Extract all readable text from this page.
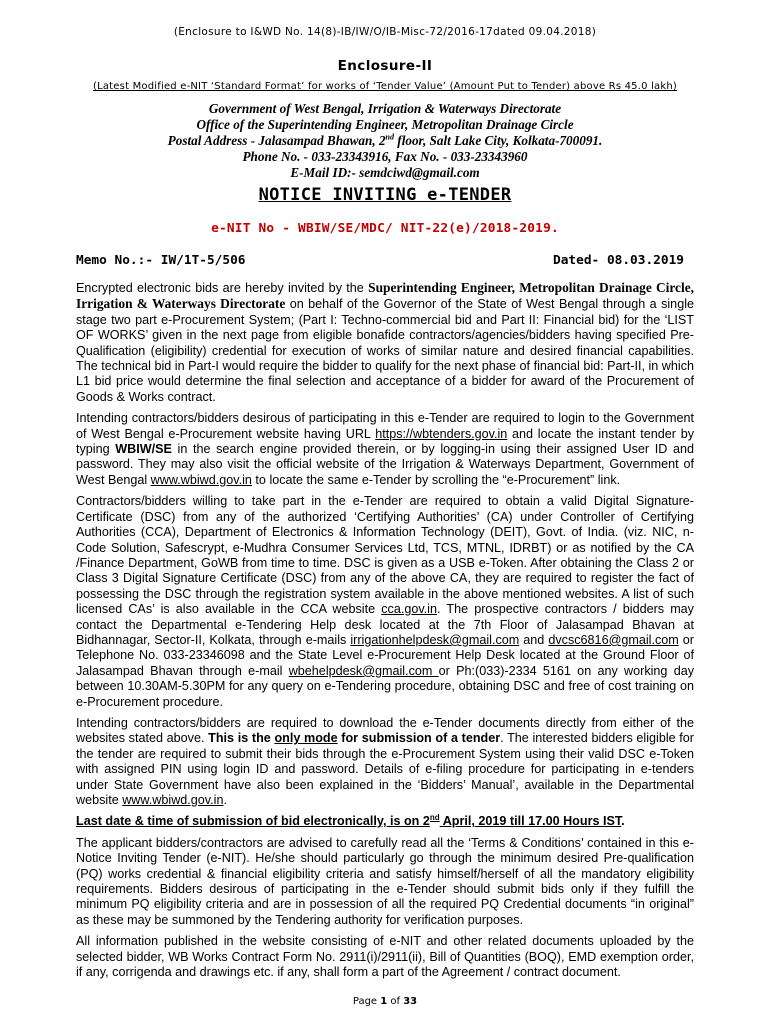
(Enclosure to I&WD No. 14(8)-IB/IW/O/IB-Misc-72/2016-17dated 09.04.2018)
Enclosure-II
(Latest Modified e-NIT ‘Standard Format’ for works of ‘Tender Value’ (Amount Put to Tender) above Rs 45.0 lakh)
Government of West Bengal, Irrigation & Waterways Directorate
Office of the Superintending Engineer, Metropolitan Drainage Circle
Postal Address - Jalasampad Bhawan, 2nd floor, Salt Lake City, Kolkata-700091.
Phone No. - 033-23343916, Fax No. - 033-23343960
E-Mail ID:- semdciwd@gmail.com
NOTICE INVITING e-TENDER
e-NIT No - WBIW/SE/MDC/ NIT-22(e)/2018-2019.
Memo No.:- IW/1T-5/506	Dated- 08.03.2019

Encrypted electronic bids are hereby invited by the Superintending Engineer, Metropolitan Drainage Circle, Irrigation & Waterways Directorate on behalf of the Governor of the State of West Bengal through a single stage two part e-Procurement System; (Part I: Techno-commercial bid and Part II: Financial bid) for the ‘LIST OF WORKS’ given in the next page from eligible bonafide contractors/agencies/bidders having specified Pre-Qualification (eligibility) credential for execution of works of similar nature and desired financial capabilities. The technical bid in Part-I would require the bidder to qualify for the next phase of financial bid: Part-II, in which L1 bid price would determine the final selection and acceptance of a bidder for award of the Procurement of Goods & Works contract.

Intending contractors/bidders desirous of participating in this e-Tender are required to login to the Government of West Bengal e-Procurement website having URL https://wbtenders.gov.in and locate the instant tender by typing WBIW/SE in the search engine provided therein, or by logging-in using their assigned User ID and password. They may also visit the official website of the Irrigation & Waterways Department, Government of West Bengal www.wbiwd.gov.in to locate the same e-Tender by scrolling the “e-Procurement” link.

Contractors/bidders willing to take part in the e-Tender are required to obtain a valid Digital Signature-Certificate (DSC) from any of the authorized ‘Certifying Authorities’ (CA) under Controller of Certifying Authorities (CCA), Department of Electronics & Information Technology (DEIT), Govt. of India. (viz. NIC, n-Code Solution, Safescrypt, e-Mudhra Consumer Services Ltd, TCS, MTNL, IDRBT) or as notified by the CA /Finance Department, GoWB from time to time. DSC is given as a USB e-Token. After obtaining the Class 2 or Class 3 Digital Signature Certificate (DSC) from any of the above CA, they are required to register the fact of possessing the DSC through the registration system available in the above mentioned websites. A list of such licensed CAs’ is also available in the CCA website cca.gov.in. The prospective contractors / bidders may contact the Departmental e-Tendering Help desk located at the 7th Floor of Jalasampad Bhavan at Bidhannagar, Sector-II, Kolkata, through e-mails irrigationhelpdesk@gmail.com and dvcsc6816@gmail.com or Telephone No. 033-23346098 and the State Level e-Procurement Help Desk located at the Ground Floor of Jalasampad Bhavan through e-mail wbehelpdesk@gmail.com or Ph:(033)-2334 5161 on any working day between 10.30AM-5.30PM for any query on e-Tendering procedure, obtaining DSC and free of cost training on e-Procurement procedure.

Intending contractors/bidders are required to download the e-Tender documents directly from either of the websites stated above. This is the only mode for submission of a tender. The interested bidders eligible for the tender are required to submit their bids through the e-Procurement System using their valid DSC e-Token with assigned PIN using login ID and password. Details of e-filing procedure for participating in e-tenders under State Government have also been explained in the ‘Bidders’ Manual’, available in the Departmental website www.wbiwd.gov.in.

Last date & time of submission of bid electronically, is on 2nd April, 2019 till 17.00 Hours IST.

The applicant bidders/contractors are advised to carefully read all the ‘Terms & Conditions’ contained in this e-Notice Inviting Tender (e-NIT). He/she should particularly go through the minimum desired Pre-qualification (PQ) works credential & financial eligibility criteria and satisfy himself/herself of all the mandatory eligibility requirements. Bidders desirous of participating in the e-Tender should submit bids only if they fulfill the minimum PQ eligibility criteria and are in possession of all the required PQ Credential documents “in original” as these may be summoned by the Tendering authority for verification purposes.

All information published in the website consisting of e-NIT and other related documents uploaded by the selected bidder, WB Works Contract Form No. 2911(i)/2911(ii), Bill of Quantities (BOQ), EMD exemption order, if any, corrigenda and drawings etc. if any, shall form a part of the Agreement / contract document.

Page 1 of 33
